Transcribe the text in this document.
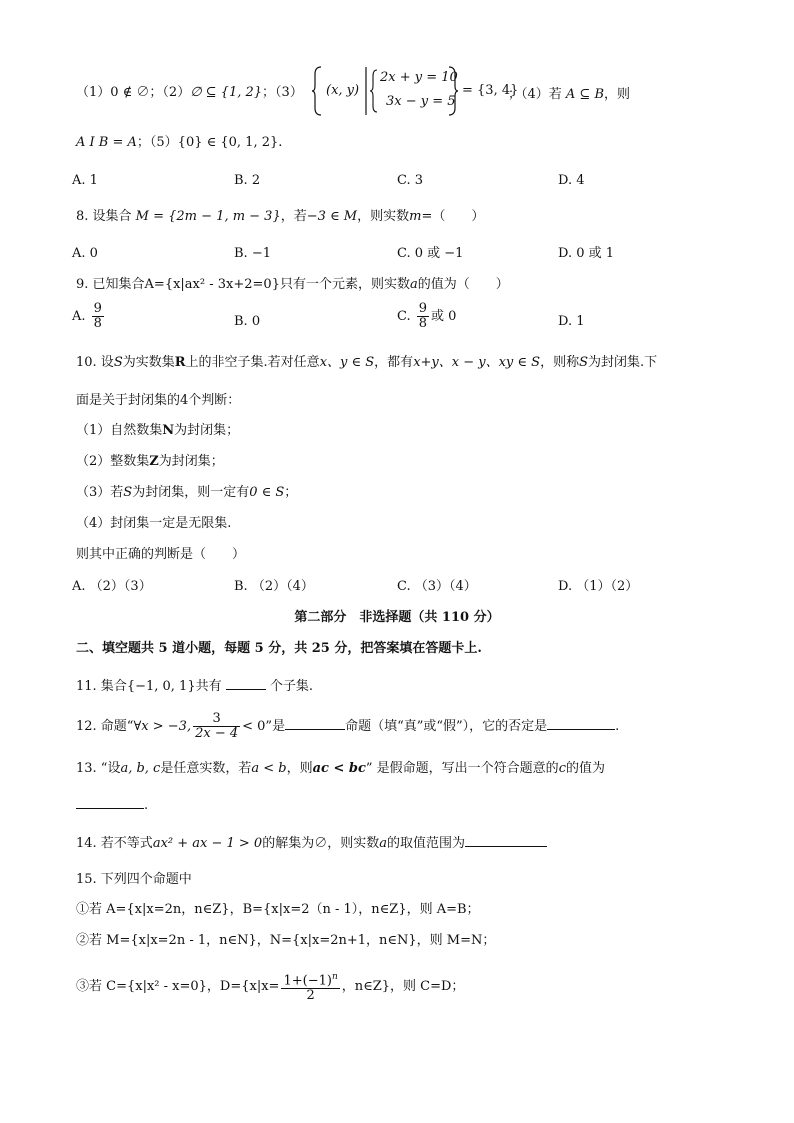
（1）0 ∉ ∅；（2）∅ ⊆ {1, 2}；（3） (x, y)
2x + y = 10
3x − y = 5
= {3, 4}
；（4）若 A ⊆ B，则
A Ⅰ B = A；（5）{0} ∈ {0, 1, 2}.
A. 1	B. 2	C. 3	D. 4
8. 设集合 M = {2m − 1, m − 3}，若−3 ∈ M，则实数m=（　　）
A. 0	B. −1	C. 0 或 −1	D. 0 或 1
9. 已知集合A={x|ax² - 3x+2=0}只有一个元素，则实数a的值为（　　）
A. $\frac{9}{8}$	B. 0	C. $\frac{9}{8}$ 或 0	D. 1
10. 设S为实数集R上的非空子集.若对任意x、y ∈ S，都有x+y、x − y、xy ∈ S，则称S为封闭集.下
面是关于封闭集的4个判断：
（1）自然数集N为封闭集；
（2）整数集Z为封闭集；
（3）若S为封闭集，则一定有0 ∈ S；
（4）封闭集一定是无限集.
则其中正确的判断是（　　）
A. （2）（3）	B. （2）（4）	C. （3）（4）	D. （1）（2）
第二部分　非选择题（共 110 分）
二、填空题共 5 道小题，每题 5 分，共 25 分，把答案填在答题卡上.
11. 集合{−1, 0, 1}共有	个子集.
12. 命题“∀x > −3, $\frac{3}{2x - 4} < 0$”是	命题（填“真”或“假”），它的否定是	.
13. “设a, b, c是任意实数，若a < b，则ac < bc” 是假命题，写出一个符合题意的c的值为
.
14. 若不等式ax² + ax − 1 > 0的解集为∅，则实数a的取值范围为
15. 下列四个命题中
①若 A={x|x=2n，n∈Z}，B={x|x=2（n - 1），n∈Z}，则 A=B；
②若 M={x|x=2n - 1，n∈N}，N={x|x=2n+1，n∈N}，则 M=N；
③若 C={x|x² - x=0}，$D=\{x|x= \frac{1+(-1)^n}{2}$ ，n∈Z}，则 C=D；
